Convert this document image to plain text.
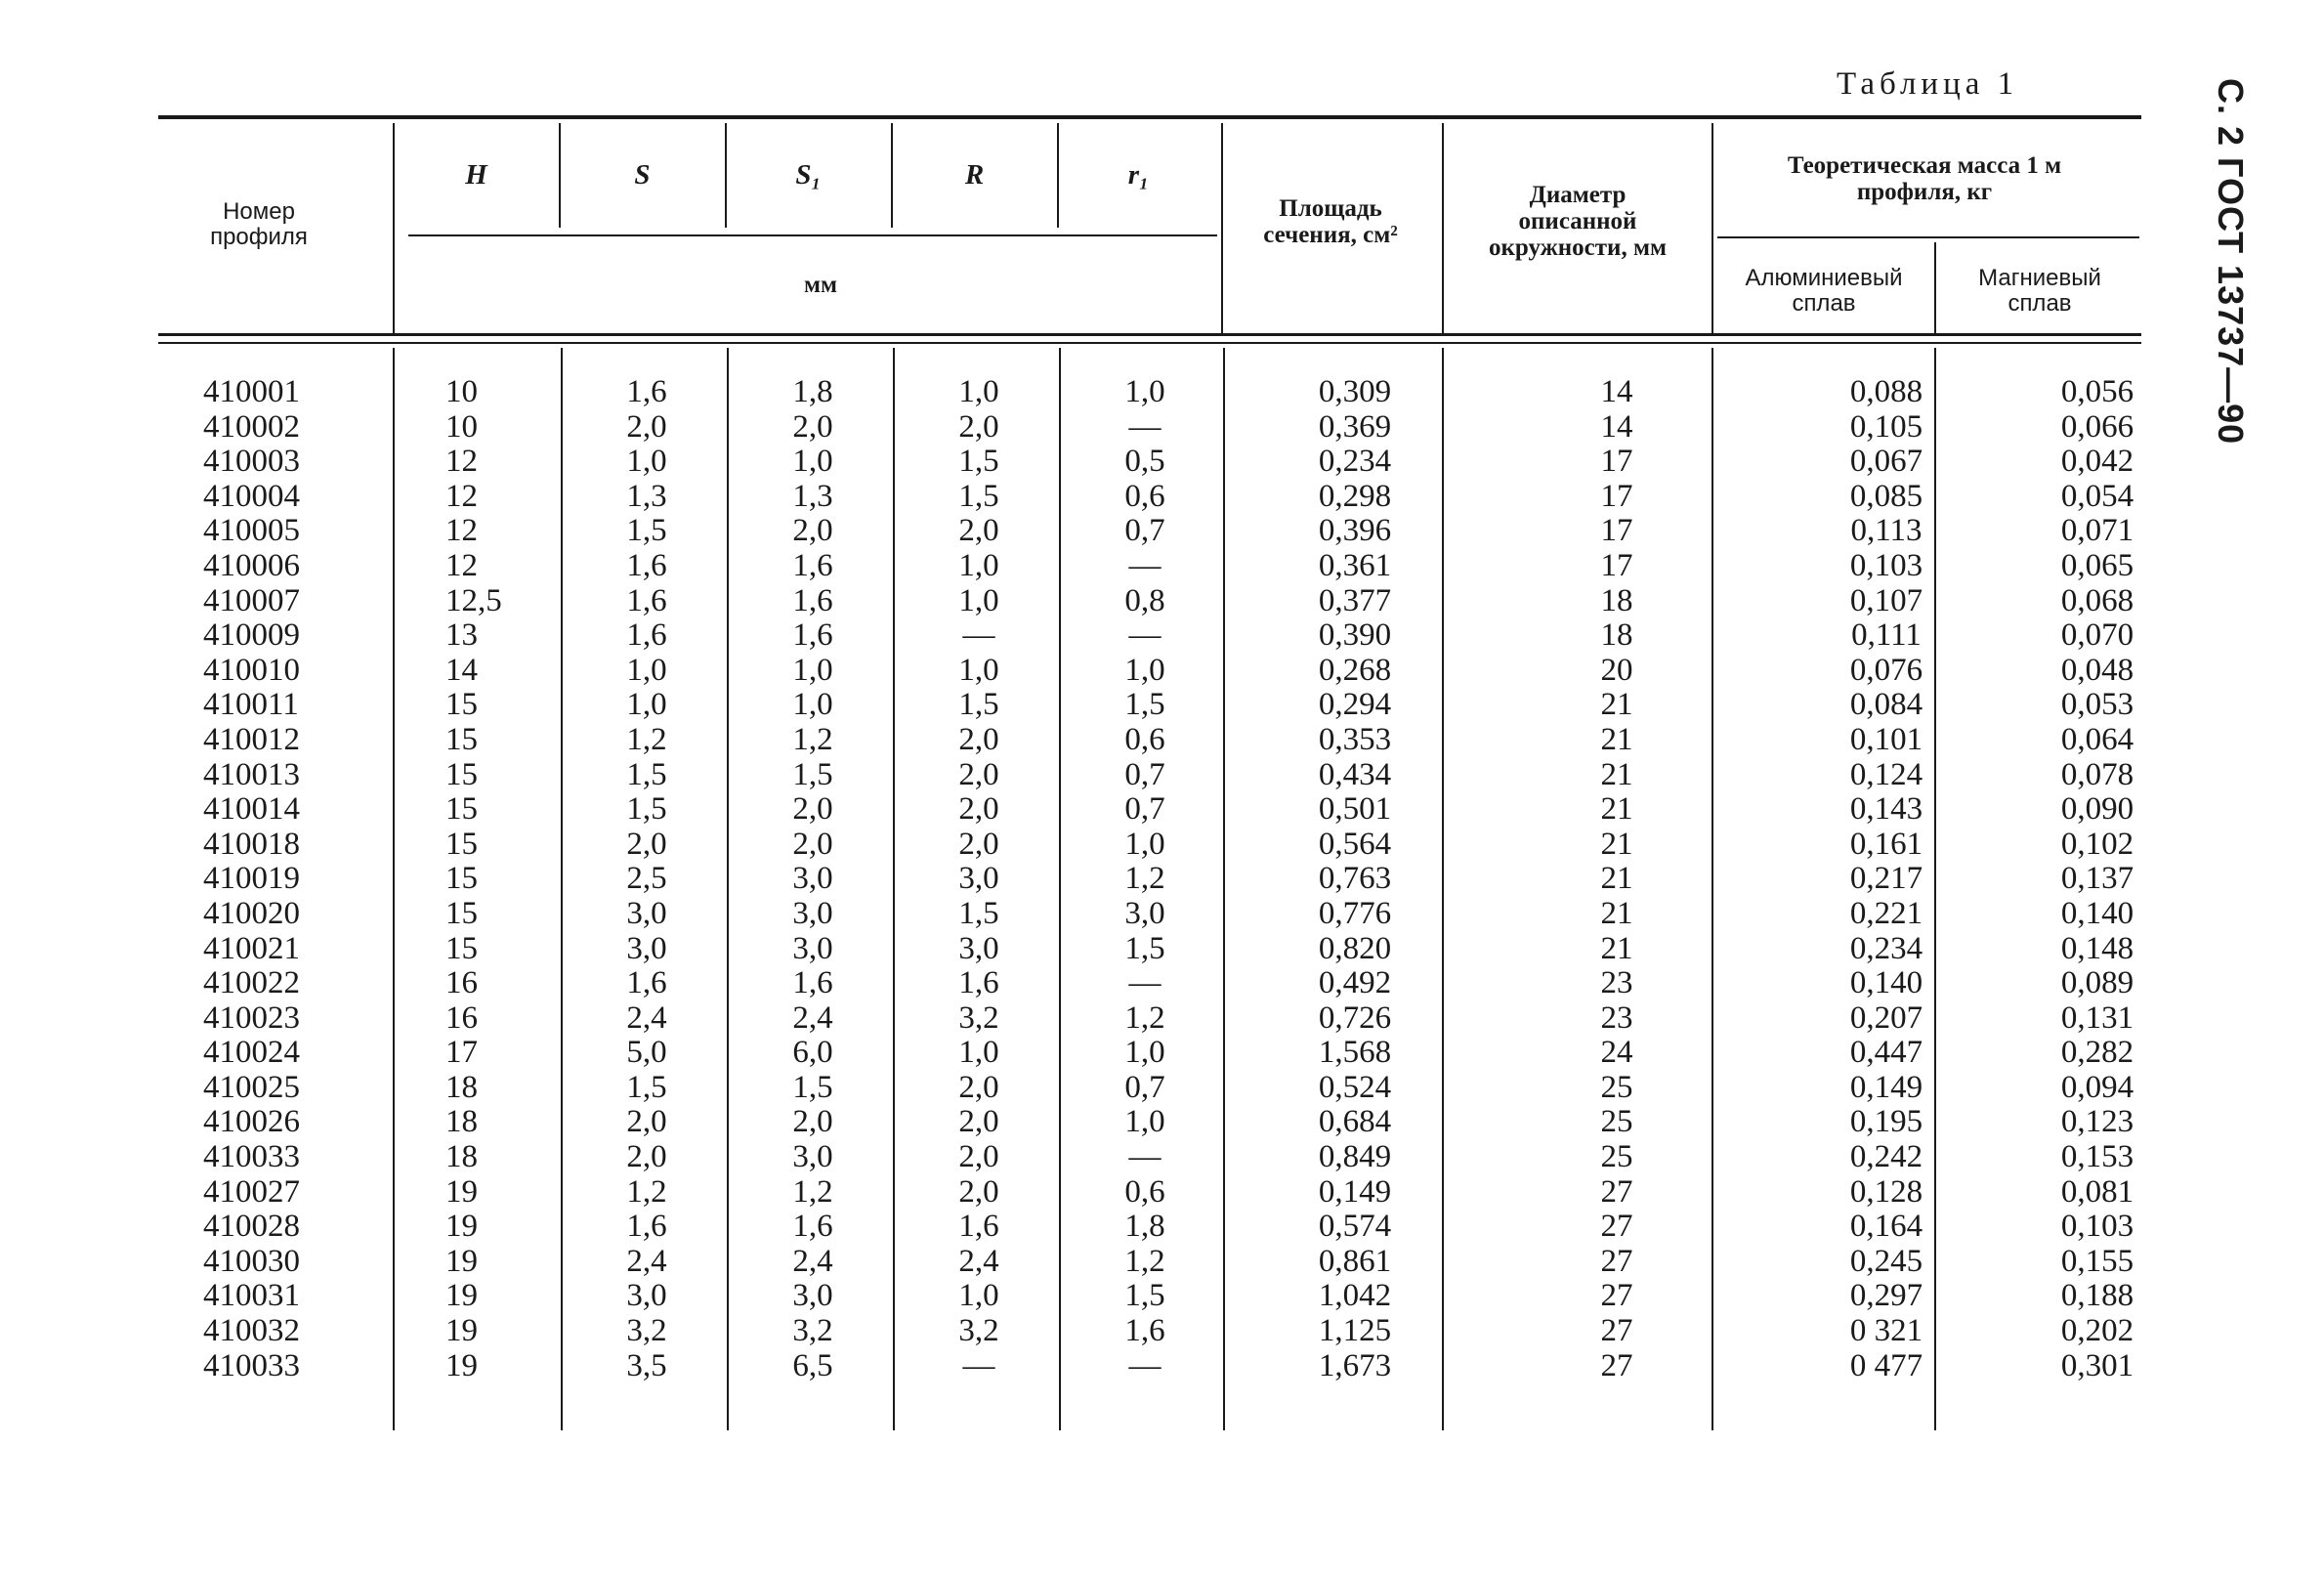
Таблица 1	С. 2 ГОСТ 13737—90
Номер профиля
H	S	S₁	R	r₁
мм
Площадь сечения, см²
Диаметр описанной окружности, мм
Теоретическая масса 1 м профиля, кг
Алюминиевый сплав
Магниевый сплав
410001	10	1,6	1,8	1,0	1,0	0,309	14	0,088	0,056
410002	10	2,0	2,0	2,0	—	0,369	14	0,105	0,066
410003	12	1,0	1,0	1,5	0,5	0,234	17	0,067	0,042
410004	12	1,3	1,3	1,5	0,6	0,298	17	0,085	0,054
410005	12	1,5	2,0	2,0	0,7	0,396	17	0,113	0,071
410006	12	1,6	1,6	1,0	—	0,361	17	0,103	0,065
410007	12,5	1,6	1,6	1,0	0,8	0,377	18	0,107	0,068
410009	13	1,6	1,6	—	—	0,390	18	0,111	0,070
410010	14	1,0	1,0	1,0	1,0	0,268	20	0,076	0,048
410011	15	1,0	1,0	1,5	1,5	0,294	21	0,084	0,053
410012	15	1,2	1,2	2,0	0,6	0,353	21	0,101	0,064
410013	15	1,5	1,5	2,0	0,7	0,434	21	0,124	0,078
410014	15	1,5	2,0	2,0	0,7	0,501	21	0,143	0,090
410018	15	2,0	2,0	2,0	1,0	0,564	21	0,161	0,102
410019	15	2,5	3,0	3,0	1,2	0,763	21	0,217	0,137
410020	15	3,0	3,0	1,5	3,0	0,776	21	0,221	0,140
410021	15	3,0	3,0	3,0	1,5	0,820	21	0,234	0,148
410022	16	1,6	1,6	1,6	—	0,492	23	0,140	0,089
410023	16	2,4	2,4	3,2	1,2	0,726	23	0,207	0,131
410024	17	5,0	6,0	1,0	1,0	1,568	24	0,447	0,282
410025	18	1,5	1,5	2,0	0,7	0,524	25	0,149	0,094
410026	18	2,0	2,0	2,0	1,0	0,684	25	0,195	0,123
410033	18	2,0	3,0	2,0	—	0,849	25	0,242	0,153
410027	19	1,2	1,2	2,0	0,6	0,149	27	0,128	0,081
410028	19	1,6	1,6	1,6	1,8	0,574	27	0,164	0,103
410030	19	2,4	2,4	2,4	1,2	0,861	27	0,245	0,155
410031	19	3,0	3,0	1,0	1,5	1,042	27	0,297	0,188
410032	19	3,2	3,2	3,2	1,6	1,125	27	0 321	0,202
410033	19	3,5	6,5	—	—	1,673	27	0 477	0,301
